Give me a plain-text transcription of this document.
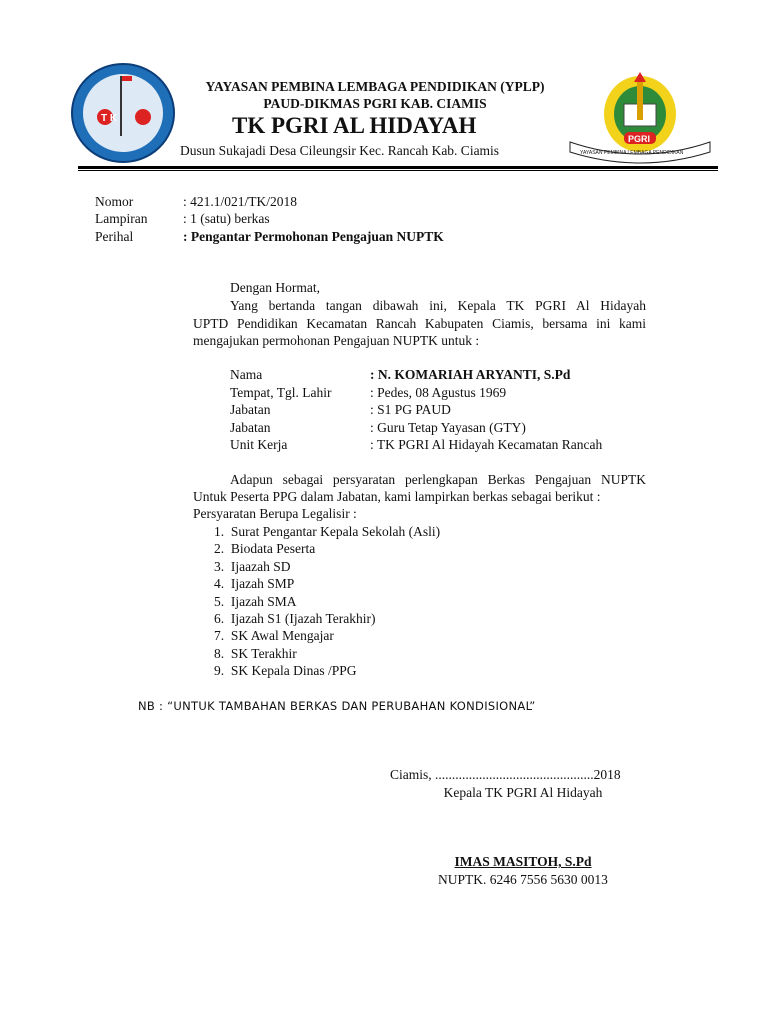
T K
PGRI
YAYASAN PEMBINA LEMBAGA PENDIDIKAN
YAYASAN PEMBINA LEMBAGA PENDIDIKAN (YPLP)
PAUD-DIKMAS PGRI KAB. CIAMIS
TK PGRI AL HIDAYAH
Dusun Sukajadi Desa Cileungsir Kec. Rancah Kab. Ciamis
Nomor	: 421.1/021/TK/2018
Lampiran	: 1 (satu) berkas
Perihal	: Pengantar Permohonan Pengajuan NUPTK
Dengan Hormat,
Yang bertanda tangan dibawah ini, Kepala TK PGRI Al Hidayah
UPTD Pendidikan Kecamatan Rancah Kabupaten Ciamis, bersama ini kami
mengajukan permohonan Pengajuan NUPTK untuk :
Nama	: N. KOMARIAH ARYANTI, S.Pd
Tempat, Tgl. Lahir	: Pedes, 08 Agustus 1969
Jabatan	: S1 PG PAUD
Jabatan	: Guru Tetap Yayasan (GTY)
Unit Kerja	: TK PGRI Al Hidayah Kecamatan Rancah
Adapun sebagai persyaratan perlengkapan Berkas Pengajuan NUPTK
Untuk Peserta PPG dalam Jabatan, kami lampirkan berkas sebagai berikut :
Persyaratan Berupa Legalisir :
1.  Surat Pengantar Kepala Sekolah (Asli)
2.  Biodata Peserta
3.  Ijaazah SD
4.  Ijazah SMP
5.  Ijazah SMA
6.  Ijazah S1 (Ijazah Terakhir)
7.  SK Awal Mengajar
8.  SK Terakhir
9.  SK Kepala Dinas /PPG
NB : “UNTUK TAMBAHAN BERKAS DAN PERUBAHAN KONDISIONAL”
Ciamis, ...............................................2018
Kepala TK PGRI Al Hidayah
IMAS MASITOH, S.Pd
NUPTK. 6246 7556 5630 0013
